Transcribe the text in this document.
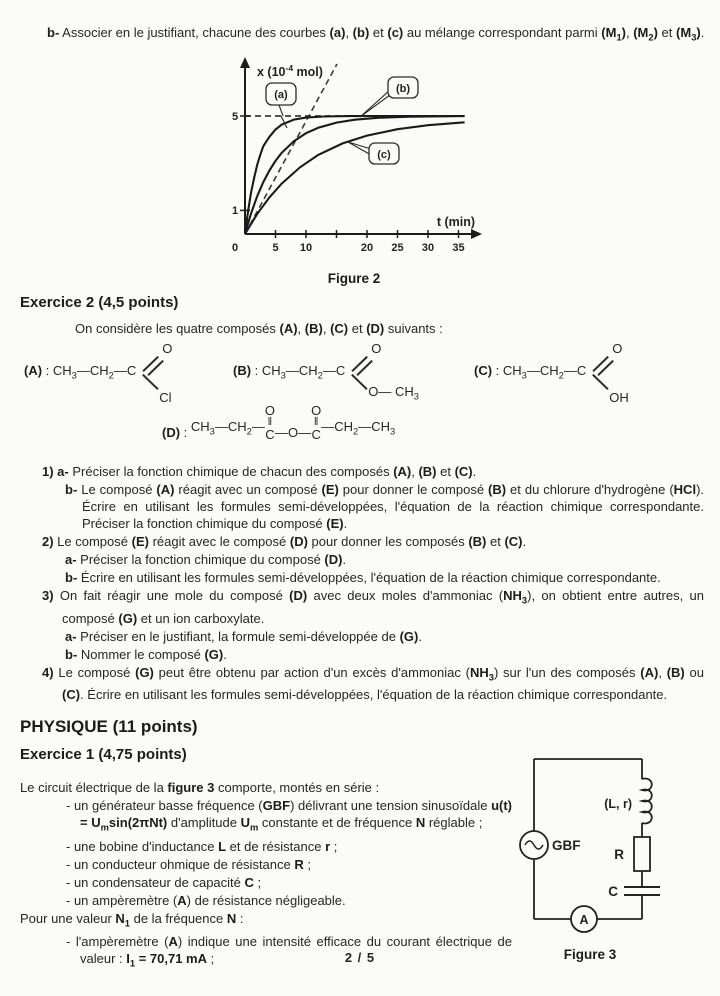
b- Associer en le justifiant, chacune des courbes (a), (b) et (c) au mélange correspondant parmi $(M_1)$, $(M_2)$ et $(M_3)$.
0	5 10	20 25 30 35
5
1
x ($10^{-4}$ mol)
t (min)
(a)	(b)
(c)
Figure 2
Exercice 2 (4,5 points)
On considère les quatre composés (A), (B), (C) et (D) suivants :
(A) : $CH_3—CH_2—C$
O
Cl
(B) : $CH_3—CH_2—C$
O
O— $CH_3$
(C) : $CH_3—CH_2—C$
O
OH
(D) : $CH_3—CH_2—$
O
‖
C —O—
O
‖
C
$—CH_2—CH_3$
1) a- Préciser la fonction chimique de chacun des composés (A), (B) et (C).
b- Le composé (A) réagit avec un composé (E) pour donner le composé (B) et du chlorure d'hydrogène (HCl). Écrire en utilisant les formules semi-développées, l'équation de la réaction chimique correspondante. Préciser la fonction chimique du composé (E).
2) Le composé (E) réagit avec le composé (D) pour donner les composés (B) et (C).
a- Préciser la fonction chimique du composé (D).
b- Écrire en utilisant les formules semi-développées, l'équation de la réaction chimique correspondante.
3) On fait réagir une mole du composé (D) avec deux moles d'ammoniac $(NH_3)$, on obtient entre autres, un composé (G) et un ion carboxylate.
a- Préciser en le justifiant, la formule semi-développée de (G).
b- Nommer le composé (G).
4) Le composé (G) peut être obtenu par action d'un excès d'ammoniac $(NH_3)$ sur l'un des composés (A), (B) ou (C). Écrire en utilisant les formules semi-développées, l'équation de la réaction chimique correspondante.
PHYSIQUE (11 points)
Exercice 1 (4,75 points)
Le circuit électrique de la figure 3 comporte, montés en série :
- un générateur basse fréquence (GBF) délivrant une tension sinusoïdale $u(t) = U_m\sin(2\pi Nt)$ d'amplitude $U_m$ constante et de fréquence N réglable ;
- une bobine d'inductance L et de résistance r ;
- un conducteur ohmique de résistance R ;
- un condensateur de capacité C ;
- un ampèremètre (A) de résistance négligeable.
Pour une valeur $N_1$ de la fréquence N :
- l'ampèremètre (A) indique une intensité efficace du courant électrique de valeur : $I_1 = 70,71$ mA ;
GBF
(L, r)
R
C
A
Figure 3
2 / 5
